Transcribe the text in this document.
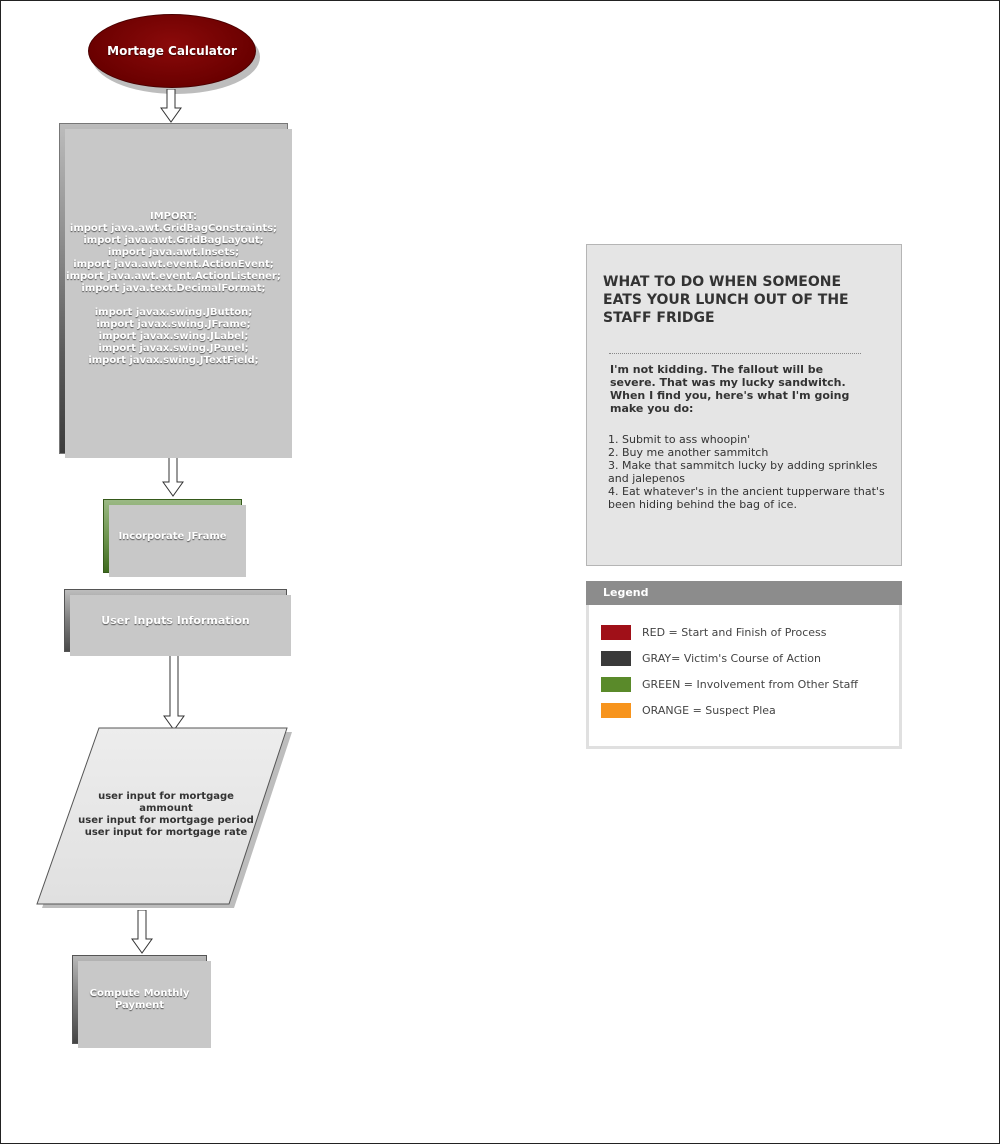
Mortage Calculator
IMPORT:
import java.awt.GridBagConstraints;
import java.awt.GridBagLayout;
import java.awt.Insets;
import java.awt.event.ActionEvent;
import java.awt.event.ActionListener;
import java.text.DecimalFormat;
import javax.swing.JButton;
import javax.swing.JFrame;
import javax.swing.JLabel;
import javax.swing.JPanel;
import javax.swing.JTextField;
Incorporate JFrame
User Inputs Information
user input for mortgage
ammount
user input for mortgage period
user input for mortgage rate
Compute Monthly
Payment
WHAT TO DO WHEN SOMEONE EATS YOUR LUNCH OUT OF THE STAFF FRIDGE
I'm not kidding. The fallout will be severe. That was my lucky sandwitch. When I find you, here's what I'm going make you do:
1. Submit to ass whoopin'
2. Buy me another sammitch
3. Make that sammitch lucky by adding sprinkles and jalepenos
4. Eat whatever's in the ancient tupperware that's been hiding behind the bag of ice.
Legend
RED = Start and Finish of Process
GRAY= Victim's Course of Action
GREEN = Involvement from Other Staff
ORANGE = Suspect Plea
